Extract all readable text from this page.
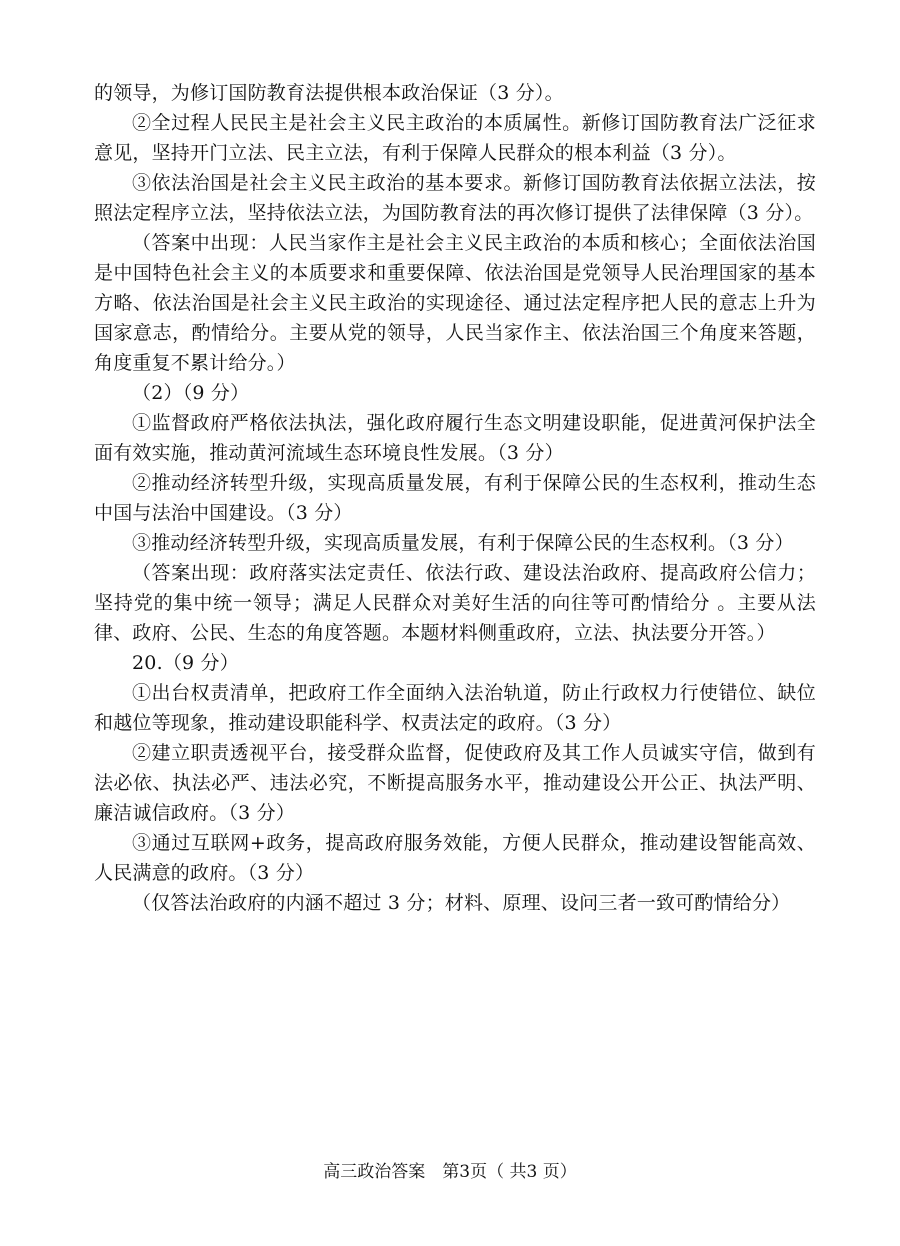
的领导，为修订国防教育法提供根本政治保证（3 分）。

②全过程人民民主是社会主义民主政治的本质属性。新修订国防教育法广泛征求意见，坚持开门立法、民主立法，有利于保障人民群众的根本利益（3 分）。

③依法治国是社会主义民主政治的基本要求。新修订国防教育法依据立法法，按照法定程序立法，坚持依法立法，为国防教育法的再次修订提供了法律保障（3 分）。

（答案中出现：人民当家作主是社会主义民主政治的本质和核心；全面依法治国是中国特色社会主义的本质要求和重要保障、依法治国是党领导人民治理国家的基本方略、依法治国是社会主义民主政治的实现途径、通过法定程序把人民的意志上升为国家意志，酌情给分。主要从党的领导，人民当家作主、依法治国三个角度来答题，角度重复不累计给分。）

（2）（9 分）

①监督政府严格依法执法，强化政府履行生态文明建设职能，促进黄河保护法全面有效实施，推动黄河流域生态环境良性发展。（3 分）

②推动经济转型升级，实现高质量发展，有利于保障公民的生态权利，推动生态中国与法治中国建设。（3 分）

③推动经济转型升级，实现高质量发展，有利于保障公民的生态权利。（3 分）

（答案出现：政府落实法定责任、依法行政、建设法治政府、提高政府公信力；坚持党的集中统一领导；满足人民群众对美好生活的向往等可酌情给分 。主要从法律、政府、公民、生态的角度答题。本题材料侧重政府，立法、执法要分开答。）

20.（9 分）

①出台权责清单，把政府工作全面纳入法治轨道，防止行政权力行使错位、缺位和越位等现象，推动建设职能科学、权责法定的政府。（3 分）

②建立职责透视平台，接受群众监督，促使政府及其工作人员诚实守信，做到有法必依、执法必严、违法必究，不断提高服务水平，推动建设公开公正、执法严明、廉洁诚信政府。（3 分）

③通过互联网+政务，提高政府服务效能，方便人民群众，推动建设智能高效、人民满意的政府。（3 分）

（仅答法治政府的内涵不超过 3 分；材料、原理、设问三者一致可酌情给分）

高三政治答案　第3页（ 共3 页）
